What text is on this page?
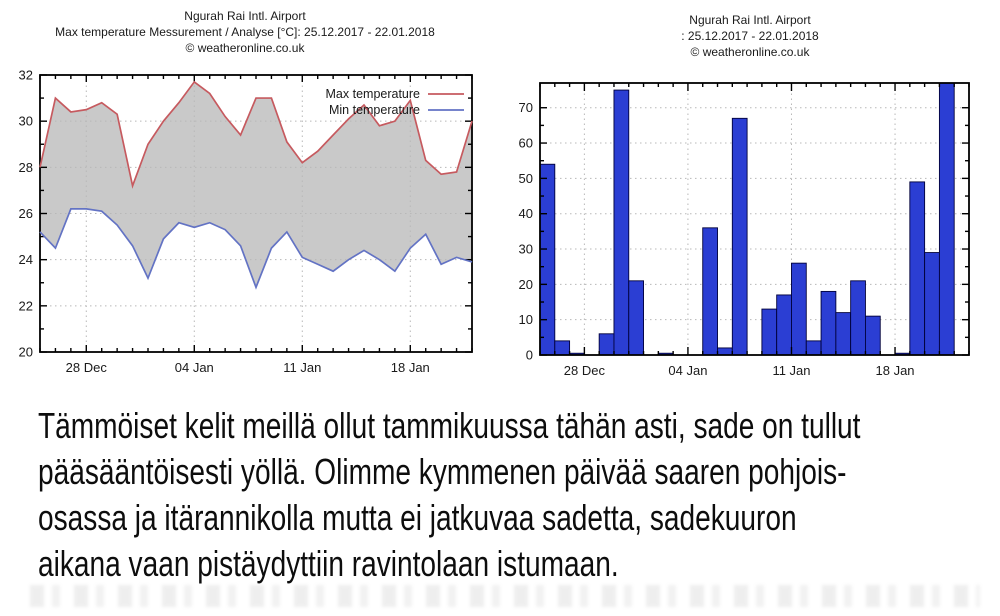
Ngurah Rai Intl. Airport
Max temperature Messurement / Analyse [°C]: 25.12.2017 - 22.01.2018
© weatheronline.co.uk
20
22
24
26
28
30
32
28 Dec	04 Jan	11 Jan	18 Jan
Max temperature
Min temperature
Ngurah Rai Intl. Airport
: 25.12.2017 - 22.01.2018
© weatheronline.co.uk
0
10
20
30
40
50
60
70
28 Dec	04 Jan	11 Jan	18 Jan
Tämmöiset kelit meillä ollut tammikuussa tähän asti, sade on tullut
pääsääntöisesti yöllä. Olimme kymmenen päivää saaren pohjois-
osassa ja itärannikolla mutta ei jatkuvaa sadetta, sadekuuron
aikana vaan pistäydyttiin ravintolaan istumaan.
